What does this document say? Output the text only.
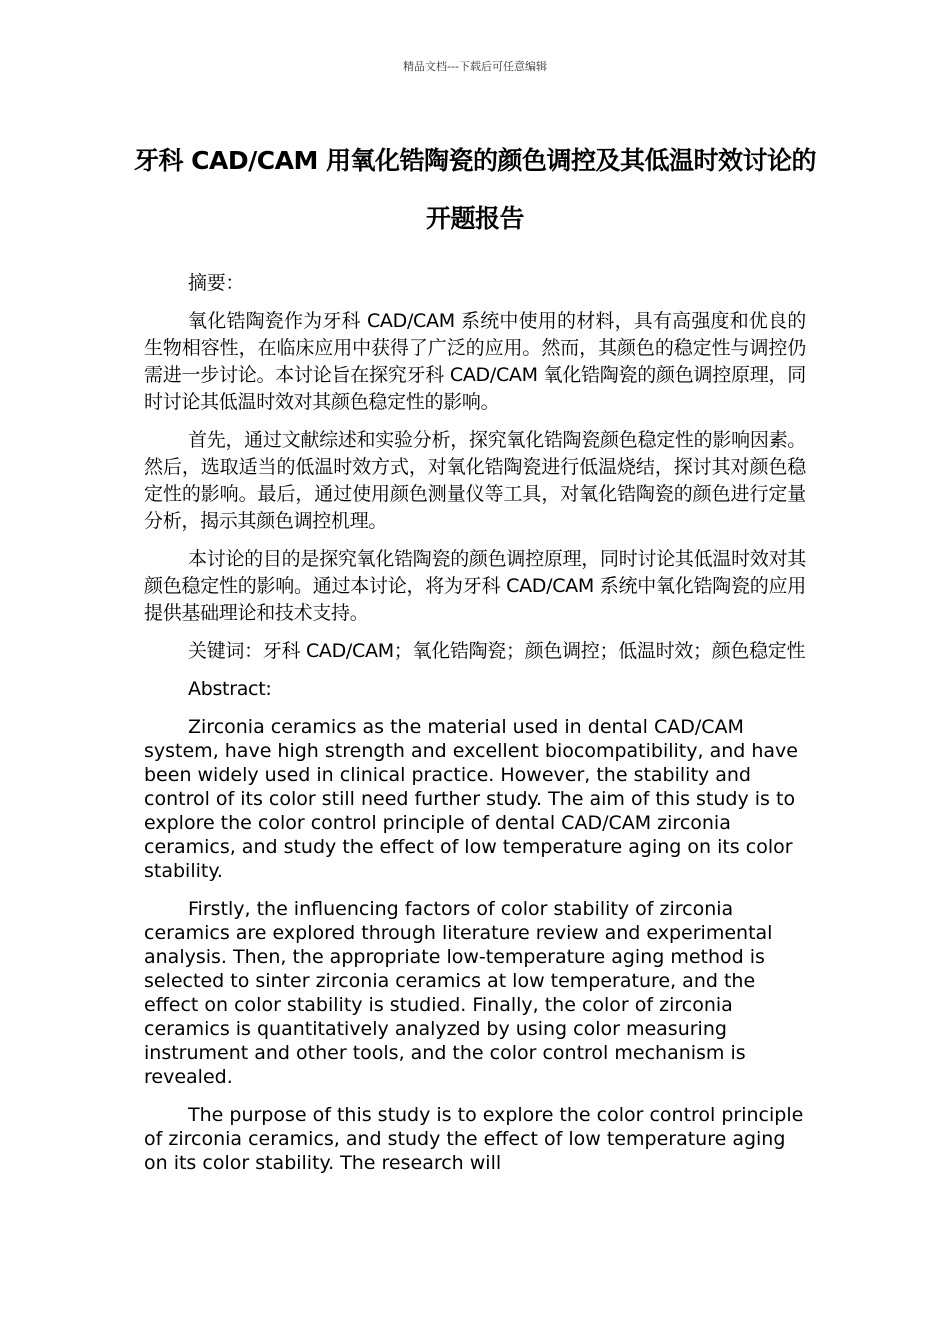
精品文档---下载后可任意编辑
牙科 CAD/CAM 用氧化锆陶瓷的颜色调控及其低温时效讨论的开题报告

摘要：

氧化锆陶瓷作为牙科 CAD/CAM 系统中使用的材料，具有高强度和优良的生物相容性，在临床应用中获得了广泛的应用。然而，其颜色的稳定性与调控仍需进一步讨论。本讨论旨在探究牙科 CAD/CAM 氧化锆陶瓷的颜色调控原理，同时讨论其低温时效对其颜色稳定性的影响。

首先，通过文献综述和实验分析，探究氧化锆陶瓷颜色稳定性的影响因素。然后，选取适当的低温时效方式，对氧化锆陶瓷进行低温烧结，探讨其对颜色稳定性的影响。最后，通过使用颜色测量仪等工具，对氧化锆陶瓷的颜色进行定量分析，揭示其颜色调控机理。

本讨论的目的是探究氧化锆陶瓷的颜色调控原理，同时讨论其低温时效对其颜色稳定性的影响。通过本讨论，将为牙科 CAD/CAM 系统中氧化锆陶瓷的应用提供基础理论和技术支持。

关键词：牙科 CAD/CAM；氧化锆陶瓷；颜色调控；低温时效；颜色稳定性

Abstract:

Zirconia ceramics as the material used in dental CAD/CAM system, have high strength and excellent biocompatibility, and have been widely used in clinical practice. However, the stability and control of its color still need further study. The aim of this study is to explore the color control principle of dental CAD/CAM zirconia ceramics, and study the effect of low temperature aging on its color stability.

Firstly, the influencing factors of color stability of zirconia ceramics are explored through literature review and experimental analysis. Then, the appropriate low-temperature aging method is selected to sinter zirconia ceramics at low temperature, and the effect on color stability is studied. Finally, the color of zirconia ceramics is quantitatively analyzed by using color measuring instrument and other tools, and the color control mechanism is revealed.

The purpose of this study is to explore the color control principle of zirconia ceramics, and study the effect of low temperature aging on its color stability. The research will
